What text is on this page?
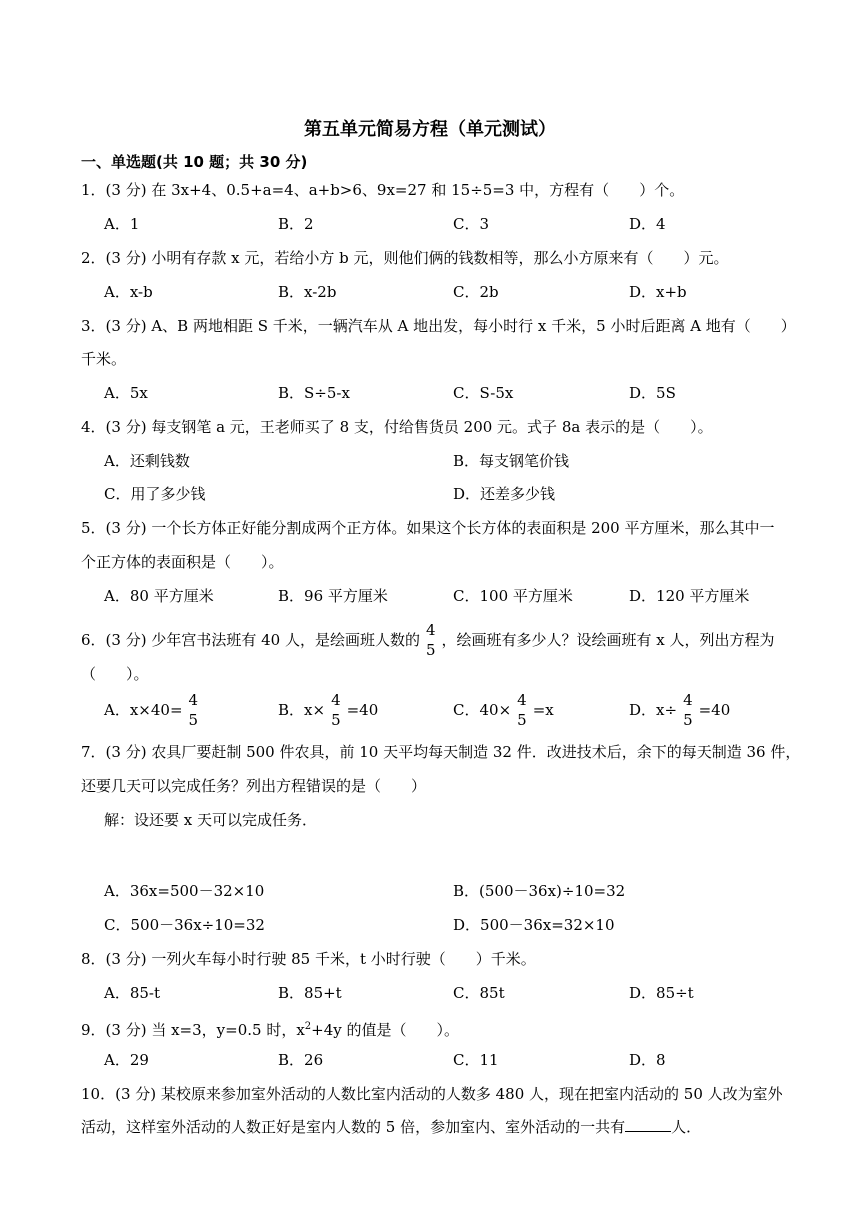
第五单元简易方程（单元测试）
一、单选题(共 10 题；共 30 分)
1．(3 分) 在 3x+4、0.5+a=4、a+b>6、9x=27 和 15÷5=3 中，方程有（　　）个。
A．1	B．2	C．3	D．4
2．(3 分) 小明有存款 x 元，若给小方 b 元，则他们俩的钱数相等，那么小方原来有（　　）元。
A．x-b	B．x-2b	C．2b	D．x+b
3．(3 分) A、B 两地相距 S 千米，一辆汽车从 A 地出发，每小时行 x 千米，5 小时后距离 A 地有（　　）
千米。
A．5x	B．S÷5-x	C．S-5x	D．5S
4．(3 分) 每支钢笔 a 元，王老师买了 8 支，付给售货员 200 元。式子 8a 表示的是（　　）。
A．还剩钱数	B．每支钢笔价钱
C．用了多少钱	D．还差多少钱
5．(3 分) 一个长方体正好能分割成两个正方体。如果这个长方体的表面积是 200 平方厘米，那么其中一
个正方体的表面积是（　　）。
A．80 平方厘米	B．96 平方厘米	C．100 平方厘米	D．120 平方厘米
6．(3 分) 少年宫书法班有 40 人，是绘画班人数的
4
5
，绘画班有多少人？设绘画班有 x 人，列出方程为
（　　）。
A．x×40=
4
5
B．x×
4
5
=40	C．40×
4
5
=x	D．x÷
4
5
=40
7．(3 分) 农具厂要赶制 500 件农具，前 10 天平均每天制造 32 件．改进技术后，余下的每天制造 36 件，
还要几天可以完成任务？列出方程错误的是（　　）
解：设还要 x 天可以完成任务．
A．36x=500－32×10	B．(500－36x)÷10=32
C．500－36x÷10=32	D．500－36x=32×10
8．(3 分) 一列火车每小时行驶 85 千米，t 小时行驶（　　）千米。
A．85-t	B．85+t	C．85t	D．85÷t
9．(3 分) 当 x=3，y=0.5 时，$x^2+4y$ 的值是（　　）。
A．29	B．26	C．11	D．8
10．(3 分) 某校原来参加室外活动的人数比室内活动的人数多 480 人，现在把室内活动的 50 人改为室外
活动，这样室外活动的人数正好是室内人数的 5 倍，参加室内、室外活动的一共有	人．
